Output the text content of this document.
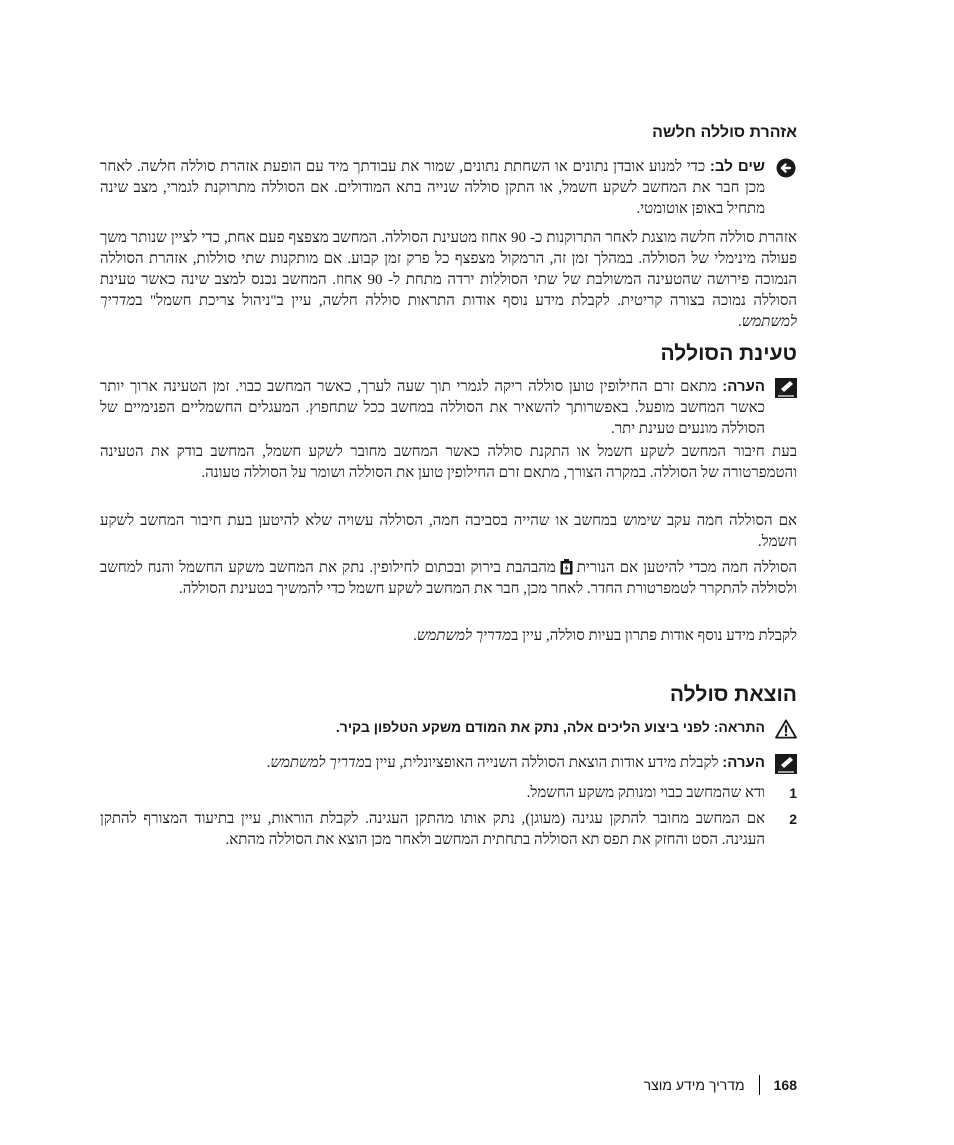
אזהרת סוללה חלשה

שים לב: כדי למנוע אובדן נתונים או השחתת נתונים, שמור את עבודתך מיד עם הופעת אזהרת סוללה חלשה. לאחר מכן חבר את המחשב לשקע חשמל, או התקן סוללה שנייה בתא המודולים. אם הסוללה מתרוקנת לגמרי, מצב שינה מתחיל באופן אוטומטי.

אזהרת סוללה חלשה מוצגת לאחר התרוקנות כ- 90 אחוז מטעינת הסוללה. המחשב מצפצף פעם אחת, כדי לציין שנותר משך פעולה מינימלי של הסוללה. במהלך זמן זה, הרמקול מצפצף כל פרק זמן קבוע. אם מותקנות שתי סוללות, אזהרת הסוללה הנמוכה פירושה שהטעינה המשולבת של שתי הסוללות ירדה מתחת ל- 90 אחוז. המחשב נכנס למצב שינה כאשר טעינת הסוללה נמוכה בצורה קריטית. לקבלת מידע נוסף אודות התראות סוללה חלשה, עיין ב"ניהול צריכת חשמל" במדריך למשתמש.

טעינת הסוללה

הערה: מתאם זרם החילופין טוען סוללה ריקה לגמרי תוך שעה לערך, כאשר המחשב כבוי. זמן הטעינה ארוך יותר כאשר המחשב מופעל. באפשרותך להשאיר את הסוללה במחשב ככל שתחפוץ. המעגלים החשמליים הפנימיים של הסוללה מונעים טעינת יתר.

בעת חיבור המחשב לשקע חשמל או התקנת סוללה כאשר המחשב מחובר לשקע חשמל, המחשב בודק את הטעינה והטמפרטורה של הסוללה. במקרה הצורך, מתאם זרם החילופין טוען את הסוללה ושומר על הסוללה טעונה.

אם הסוללה חמה עקב שימוש במחשב או שהייה בסביבה חמה, הסוללה עשויה שלא להיטען בעת חיבור המחשב לשקע חשמל.

הסוללה חמה מכדי להיטען אם הנוריתמהבהבת בירוק ובכתום לחילופין. נתק את המחשב משקע החשמל והנח למחשב ולסוללה להתקרר לטמפרטורת החדר. לאחר מכן, חבר את המחשב לשקע חשמל כדי להמשיך בטעינת הסוללה.

לקבלת מידע נוסף אודות פתרון בעיות סוללה, עיין במדריך למשתמש.

הוצאת סוללה

התראה: לפני ביצוע הליכים אלה, נתק את המודם משקע הטלפון בקיר.

הערה: לקבלת מידע אודות הוצאת הסוללה השנייה האופציונלית, עיין במדריך למשתמש.

1

ודא שהמחשב כבוי ומנותק משקע החשמל.

2

אם המחשב מחובר להתקן עגינה (מעוגן), נתק אותו מהתקן העגינה. לקבלת הוראות, עיין בתיעוד המצורף להתקן העגינה. הסט והחזק את תפס תא הסוללה בתחתית המחשב ולאחר מכן הוצא את הסוללה מהתא.

168
מדריך מידע מוצר
